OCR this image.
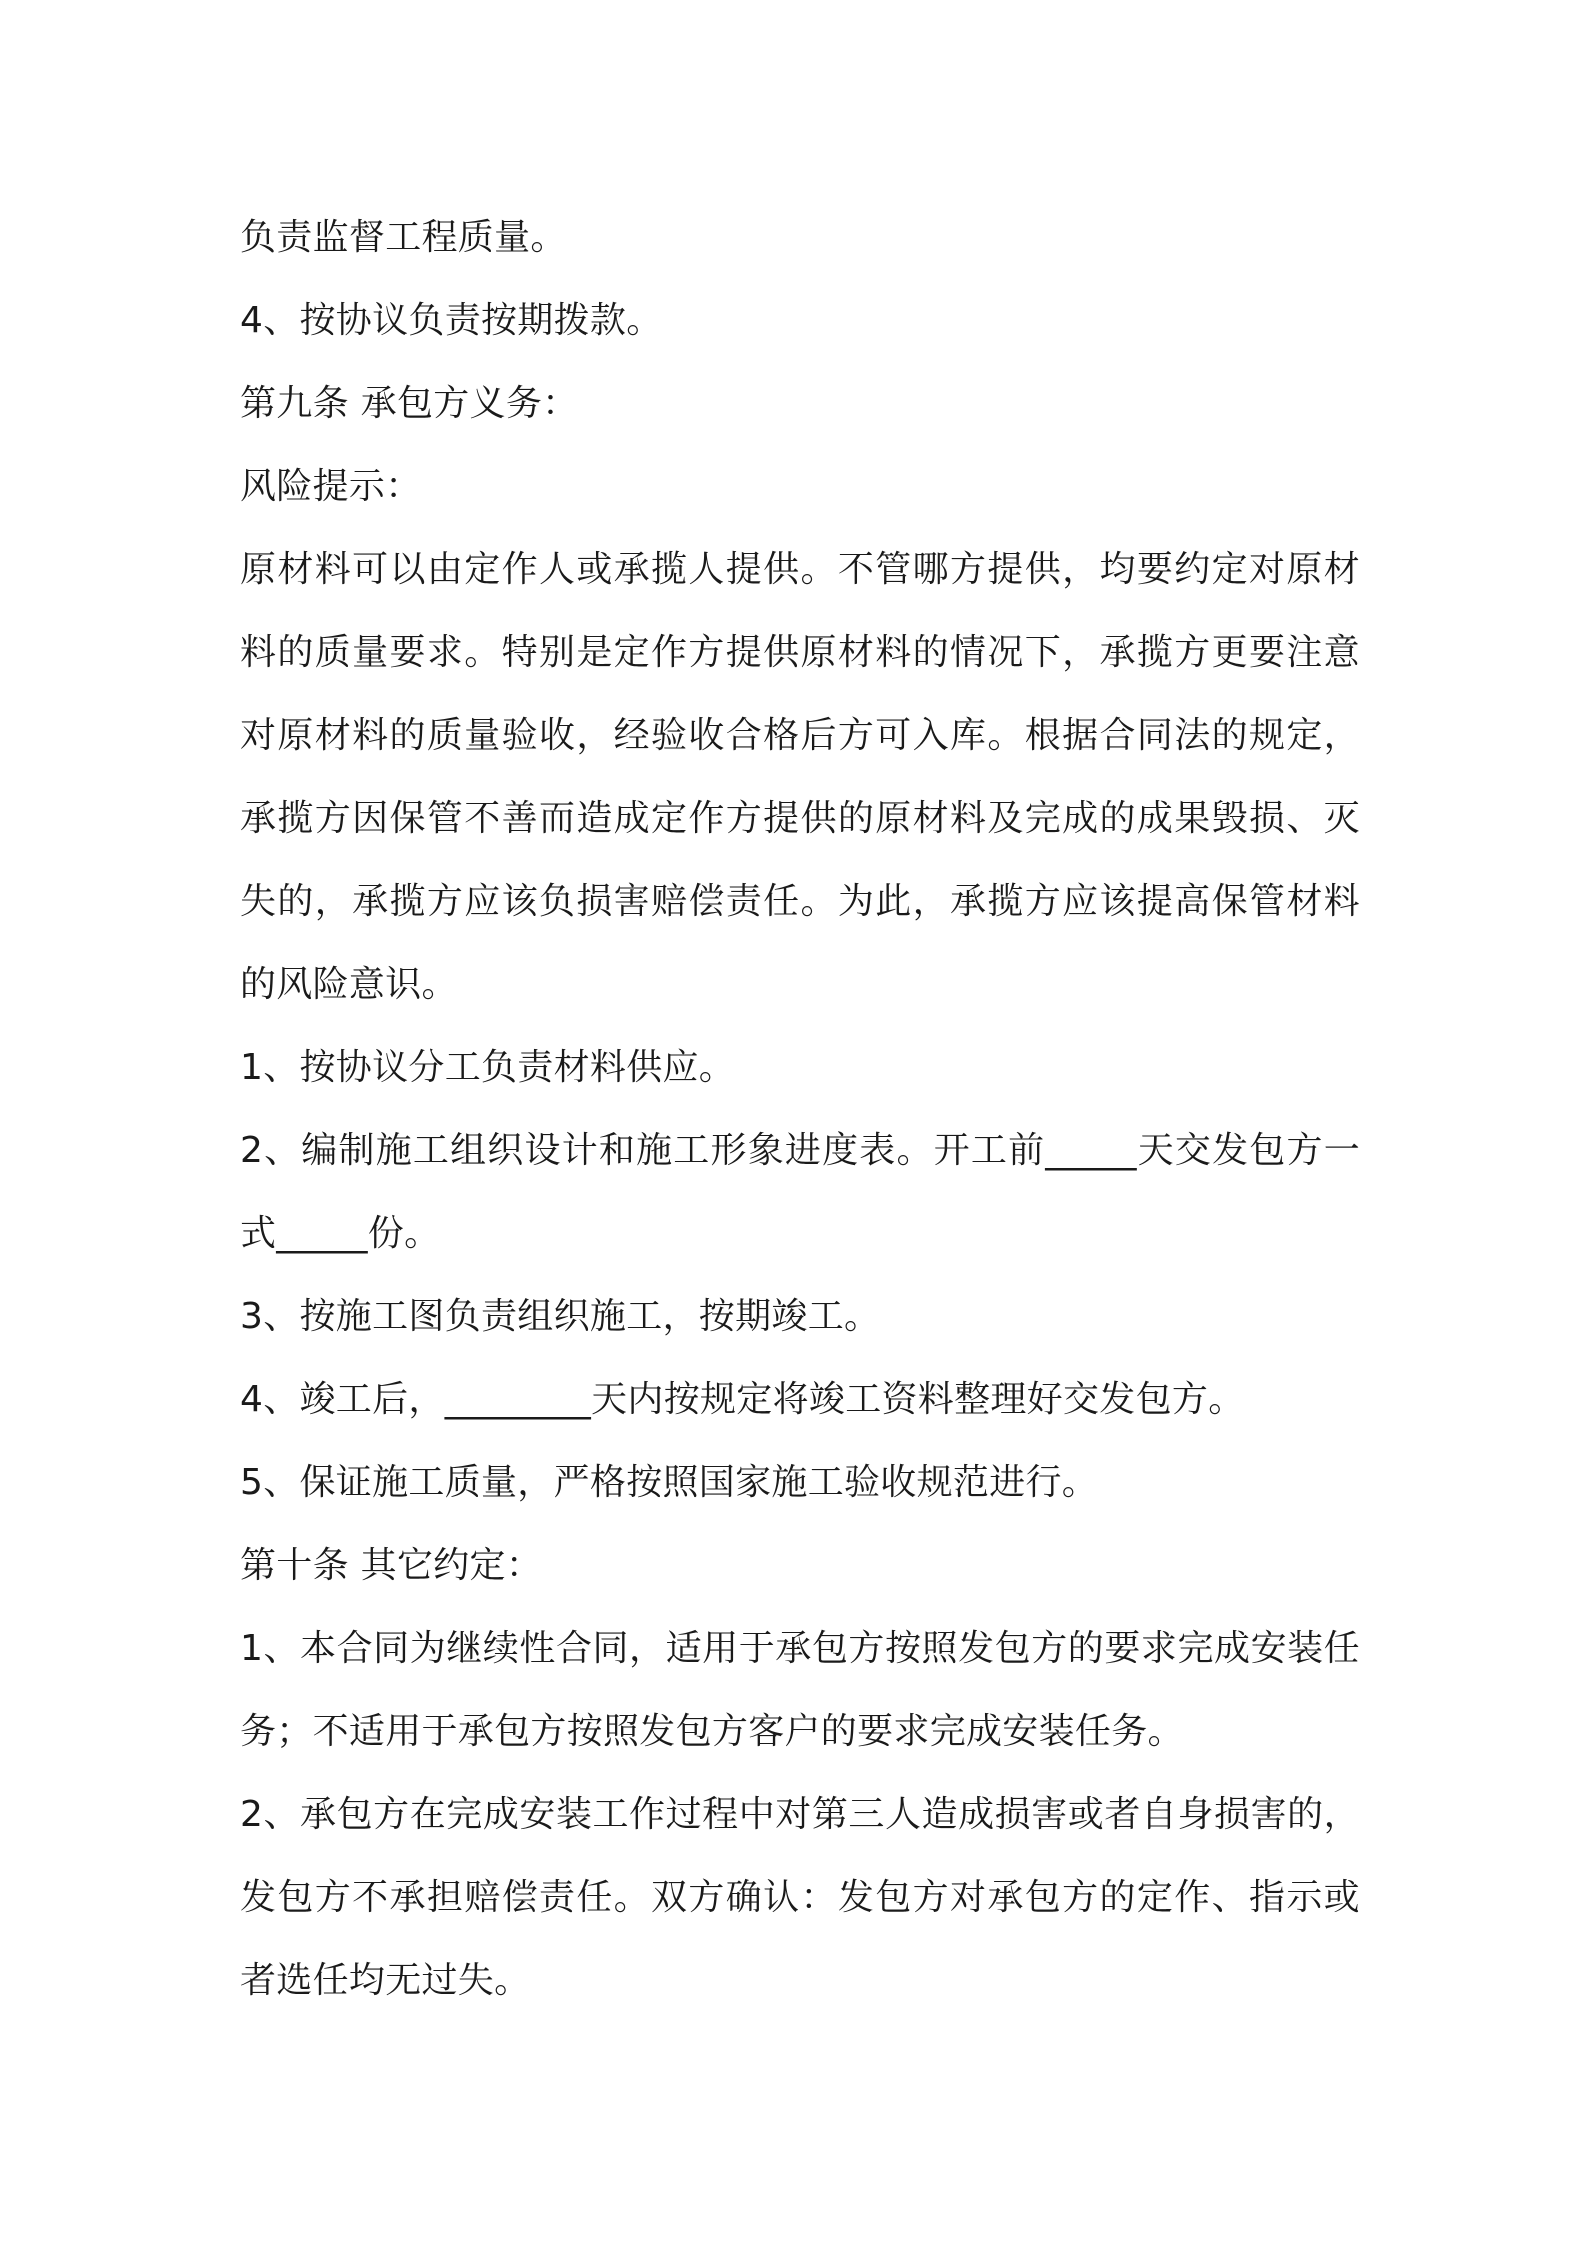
负责监督工程质量。

4、按协议负责按期拨款。

第九条 承包方义务：

风险提示：

原材料可以由定作人或承揽人提供。不管哪方提供，均要约定对原材料的质量要求。特别是定作方提供原材料的情况下，承揽方更要注意对原材料的质量验收，经验收合格后方可入库。根据合同法的规定，承揽方因保管不善而造成定作方提供的原材料及完成的成果毁损、灭失的，承揽方应该负损害赔偿责任。为此，承揽方应该提高保管材料的风险意识。

1、按协议分工负责材料供应。

2、编制施工组织设计和施工形象进度表。开工前_____天交发包方一式_____份。

3、按施工图负责组织施工，按期竣工。

4、竣工后，________天内按规定将竣工资料整理好交发包方。

5、保证施工质量，严格按照国家施工验收规范进行。

第十条 其它约定：

1、本合同为继续性合同，适用于承包方按照发包方的要求完成安装任务；不适用于承包方按照发包方客户的要求完成安装任务。

2、承包方在完成安装工作过程中对第三人造成损害或者自身损害的，发包方不承担赔偿责任。双方确认：发包方对承包方的定作、指示或者选任均无过失。
